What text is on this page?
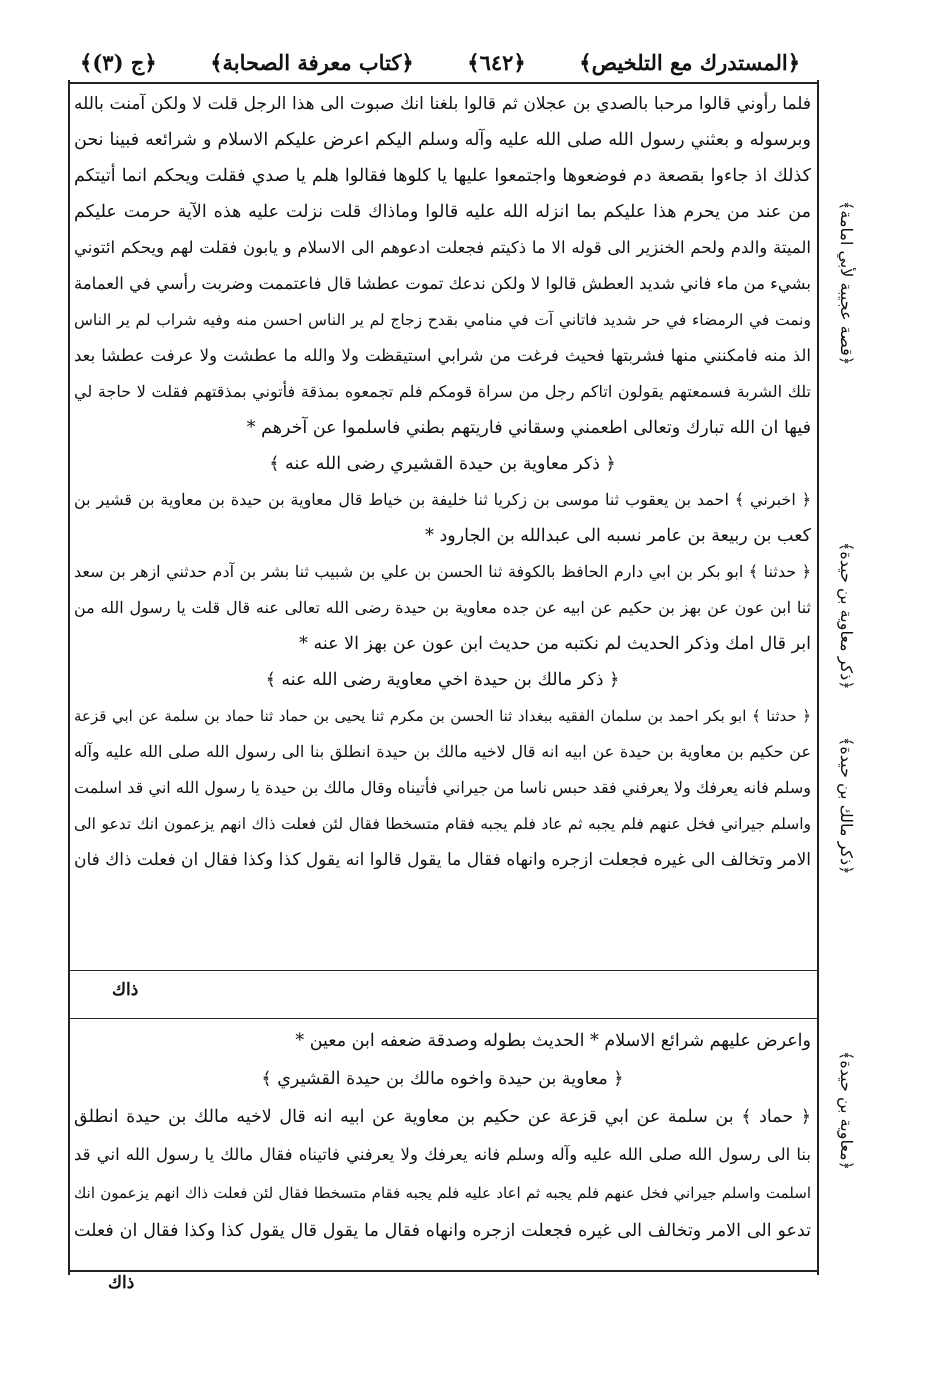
﴿المستدرك مع التلخيص﴾
﴿٦٤٢﴾
﴿كتاب معرفة الصحابة﴾
﴿ج (٣)﴾
فلما رأوني قالوا مرحبا بالصدي بن عجلان ثم قالوا بلغنا انك صبوت الى هذا الرجل قلت لا ولكن آمنت بالله
وبرسوله و بعثني رسول الله صلى الله عليه وآله وسلم اليكم اعرض عليكم الاسلام و شرائعه فبينا نحن
كذلك اذ جاءوا بقصعة دم فوضعوها واجتمعوا عليها يا كلوها فقالوا هلم يا صدي فقلت ويحكم انما أتيتكم
من عند من يحرم هذا عليكم بما انزله الله عليه قالوا وماذاك قلت نزلت عليه هذه الآية حرمت عليكم
الميتة والدم ولحم الخنزير الى قوله الا ما ذكيتم فجعلت ادعوهم الى الاسلام و يابون فقلت لهم ويحكم ائتوني
بشيء من ماء فاني شديد العطش قالوا لا ولكن ندعك تموت عطشا قال فاعتممت وضربت رأسي في العمامة
ونمت في الرمضاء في حر شديد فاتاني آت في منامي بقدح زجاج لم ير الناس احسن منه وفيه شراب لم ير الناس
الذ منه فامكنني منها فشربتها فحيث فرغت من شرابي استيقظت ولا والله ما عطشت ولا عرفت عطشا بعد
تلك الشربة فسمعتهم يقولون اتاكم رجل من سراة قومكم فلم تجمعوه بمذقة فأتوني بمذقتهم فقلت لا حاجة لي
فيها ان الله تبارك وتعالى اطعمني وسقاني فاريتهم بطني فاسلموا عن آخرهم *
﴿ ذكر معاوية بن حيدة القشيري رضى الله عنه ﴾
﴿ اخبرني ﴾ احمد بن يعقوب ثنا موسى بن زكريا ثنا خليفة بن خياط قال معاوية بن حيدة بن معاوية بن قشير بن
كعب بن ربيعة بن عامر نسبه الى عبدالله بن الجارود *
﴿ حدثنا ﴾ ابو بكر بن ابي دارم الحافظ بالكوفة ثنا الحسن بن علي بن شبيب ثنا بشر بن آدم حدثني ازهر بن سعد
ثنا ابن عون عن بهز بن حكيم عن ابيه عن جده معاوية بن حيدة رضى الله تعالى عنه قال قلت يا رسول الله من
ابر قال امك وذكر الحديث لم نكتبه من حديث ابن عون عن بهز الا عنه *
﴿ ذكر مالك بن حيدة اخي معاوية رضى الله عنه ﴾
﴿ حدثنا ﴾ ابو بكر احمد بن سلمان الفقيه ببغداد ثنا الحسن بن مكرم ثنا يحيى بن حماد ثنا حماد بن سلمة عن ابي قزعة
عن حكيم بن معاوية بن حيدة عن ابيه انه قال لاخيه مالك بن حيدة انطلق بنا الى رسول الله صلى الله عليه وآله
وسلم فانه يعرفك ولا يعرفني فقد حبس ناسا من جيراني فأتيناه وقال مالك بن حيدة يا رسول الله اني قد اسلمت
واسلم جيراني فخل عنهم فلم يجبه ثم عاد فلم يجبه فقام متسخطا فقال لئن فعلت ذاك انهم يزعمون انك تدعو الى
الامر وتخالف الى غيره فجعلت ازجره وانهاه فقال ما يقول قالوا انه يقول كذا وكذا فقال ان فعلت ذاك فان
ذاك
واعرض عليهم شرائع الاسلام * الحديث بطوله وصدقة ضعفه ابن معين *
﴿ معاوية بن حيدة واخوه مالك بن حيدة القشيري ﴾
﴿ حماد ﴾ بن سلمة عن ابي قزعة عن حكيم بن معاوية عن ابيه انه قال لاخيه مالك بن حيدة انطلق
بنا الى رسول الله صلى الله عليه وآله وسلم فانه يعرفك ولا يعرفني فاتيناه فقال مالك يا رسول الله اني قد
اسلمت واسلم جيراني فخل عنهم فلم يجبه ثم اعاد عليه فلم يجبه فقام متسخطا فقال لئن فعلت ذاك انهم يزعمون انك
تدعو الى الامر وتخالف الى غيره فجعلت ازجره وانهاه فقال ما يقول قال يقول كذا وكذا فقال ان فعلت
ذاك
﴿قصة عجيبة لأبي امامة﴾
﴿ذكر معاوية بن حيدة﴾
﴿ذكر مالك بن حيدة﴾
﴿معاوية بن حيدة﴾
